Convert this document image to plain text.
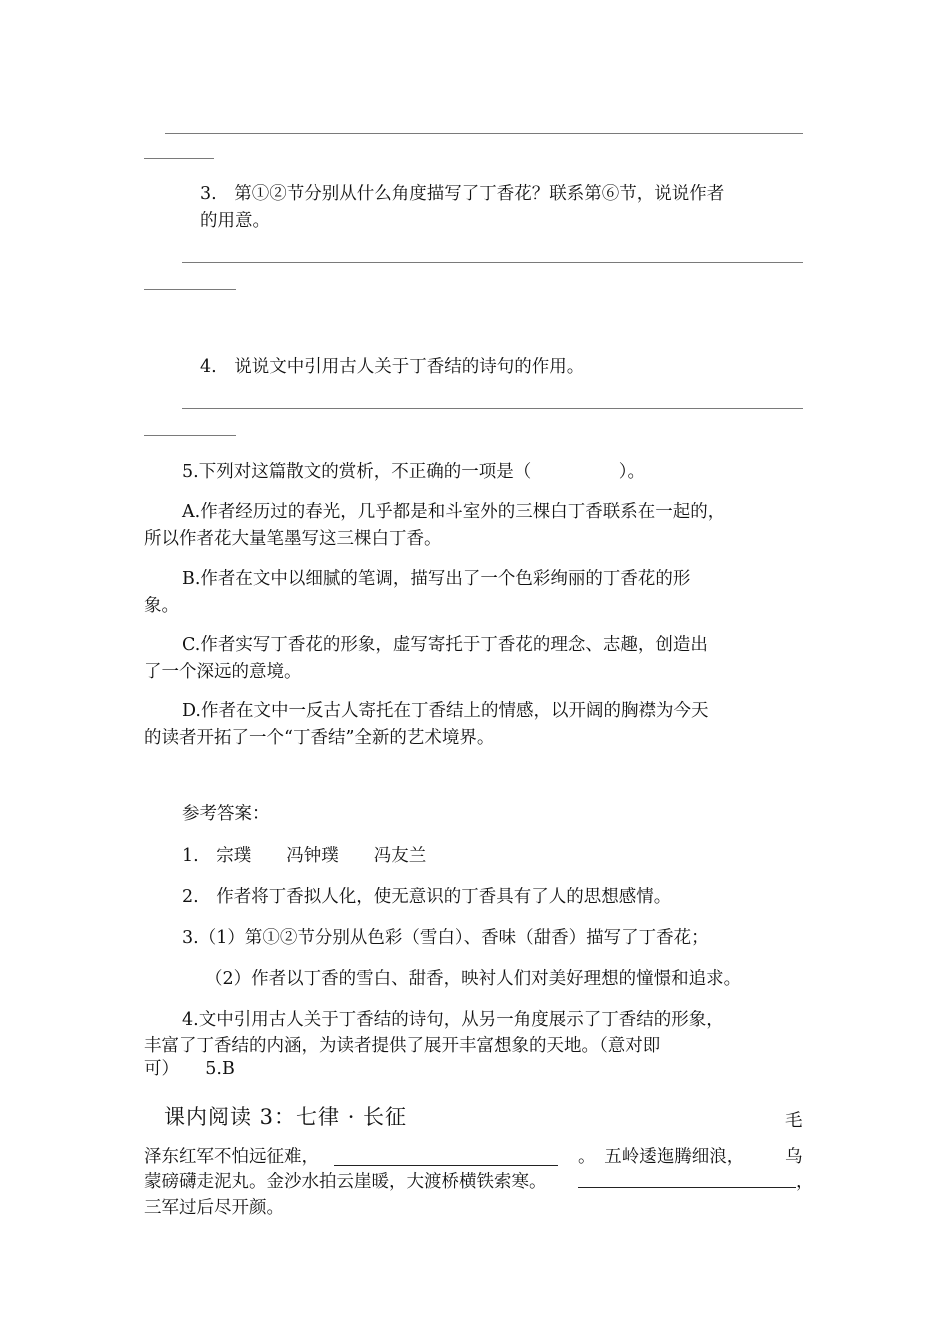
3.　第①②节分别从什么角度描写了丁香花？联系第⑥节，说说作者
的用意。
4.　说说文中引用古人关于丁香结的诗句的作用。
5.下列对这篇散文的赏析，不正确的一项是（　　　　　）。
A.作者经历过的春光，几乎都是和斗室外的三棵白丁香联系在一起的，
所以作者花大量笔墨写这三棵白丁香。
B.作者在文中以细腻的笔调，描写出了一个色彩绚丽的丁香花的形
象。
C.作者实写丁香花的形象，虚写寄托于丁香花的理念、志趣，创造出
了一个深远的意境。
D.作者在文中一反古人寄托在丁香结上的情感，以开阔的胸襟为今天
的读者开拓了一个“丁香结”全新的艺术境界。
参考答案：
1.　宗璞　　冯钟璞　　冯友兰
2.　作者将丁香拟人化，使无意识的丁香具有了人的思想感情。
3.（1）第①②节分别从色彩（雪白）、香味（甜香）描写了丁香花；
（2）作者以丁香的雪白、甜香，映衬人们对美好理想的憧憬和追求。
4.文中引用古人关于丁香结的诗句，从另一角度展示了丁香结的形象，
丰富了丁香结的内涵，为读者提供了展开丰富想象的天地。（意对即
可）　　5.B
课内阅读 3：七律 · 长征	毛
泽东红军不怕远征难，	。　五岭逶迤腾细浪， 乌
蒙磅礴走泥丸。金沙水拍云崖暖，大渡桥横铁索寒。	，
三军过后尽开颜。
